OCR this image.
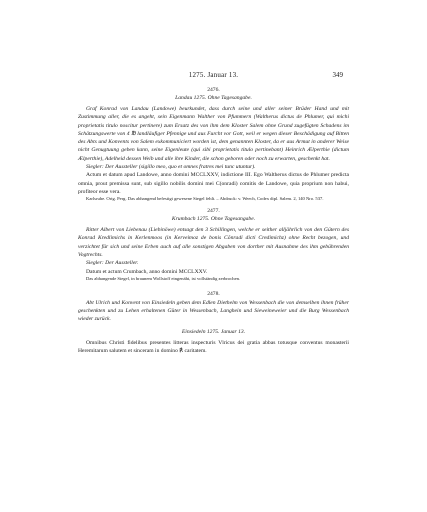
1275. Januar 13.	349
2476.
Landau 1275. Ohne Tagesangabe.

Graf Konrad von Landau (Landowe) beurkundet, dass durch seine und aller seiner Brüder Hand und mit Zustimmung aller, die es angeht, sein Eigenmann Walther von Pfummern (Waltherus dictus de Phlumer, qui michi proprietatis titulo noscitur pertinere) zum Ersatz des von ihm dem Kloster Salem ohne Grund zugefügten Schadens im Schätzungswerte von 4 ℔ landläufiger Pfennige und aus Furcht vor Gott, weil er wegen dieser Beschädigung auf Bitten des Abts und Konvents von Salem exkommuniciert worden ist, dem genannten Kloster, da er aus Armut in anderer Weise nicht Genugtuung geben kann, seine Eigenleute (qui sibi proprietatis titulo pertinebant) Heinrich Ælperthie (dictum Ælperthie), Adelheid dessen Weib und alle ihre Kinder, die schon geboren oder noch zu erwarten, geschenkt hat.

Siegler: Der Aussteller (sigillo meo, quo et omnes fratres mei tunc utuntur).

Actum et datum apud Landowe, anno domini MCCLXXV, indictione III. Ego Waltherus dictus de Phlumer predicta omnia, prout premissa sunt, sub sigillo nobilis domini mei C(onradi) comitis de Landowe, quia proprium non habui, profiteor esse vera.

Karlsruhe. Orig. Perg. Das abhangend befestigt gewesene Siegel fehlt. – Abdruck: v. Weech, Codex dipl. Salem. 2, 140 Nro. 537.

2477.
Krumbach 1275. Ohne Tagesangabe.

Ritter Albert von Liebenau (Liebinöwe) entsagt den 3 Schillingen, welche er seither alljährlich von den Gütern des Konrad Kredlimichs in Kerlenmoos (in Kerveimoz de bonis Cŏnradi dicti Credimichz) ohne Recht bezogen, und verzichtet für sich und seine Erben auch auf alle sonstigen Abgaben von dorther mit Ausnahme des ihm gebührenden Vogtrechts.

Siegler: Der Aussteller.

Datum et actum Crumbach, anno domini MCCLXXV.

Das abhangende Siegel, in braunem Wollstoff eingenäht, ist vollständig zerbrochen.

2478.

Abt Ulrich und Konvent von Einsiedeln geben dem Edlen Diethelm von Wessenbach die von demselben ihnen früher geschenkten und zu Lehen erhaltenen Güter in Wessenbach, Langhein und Sieweineweier und die Burg Wessenbach wieder zurück.

Einsiedeln 1275. Januar 13.

Omnibus Christi fidelibus presentes litteras inspecturis Vlricus dei gratia abbas totusque conventus monasterii Heremitarum salutem et sinceram in domino ℟ caritatem.
